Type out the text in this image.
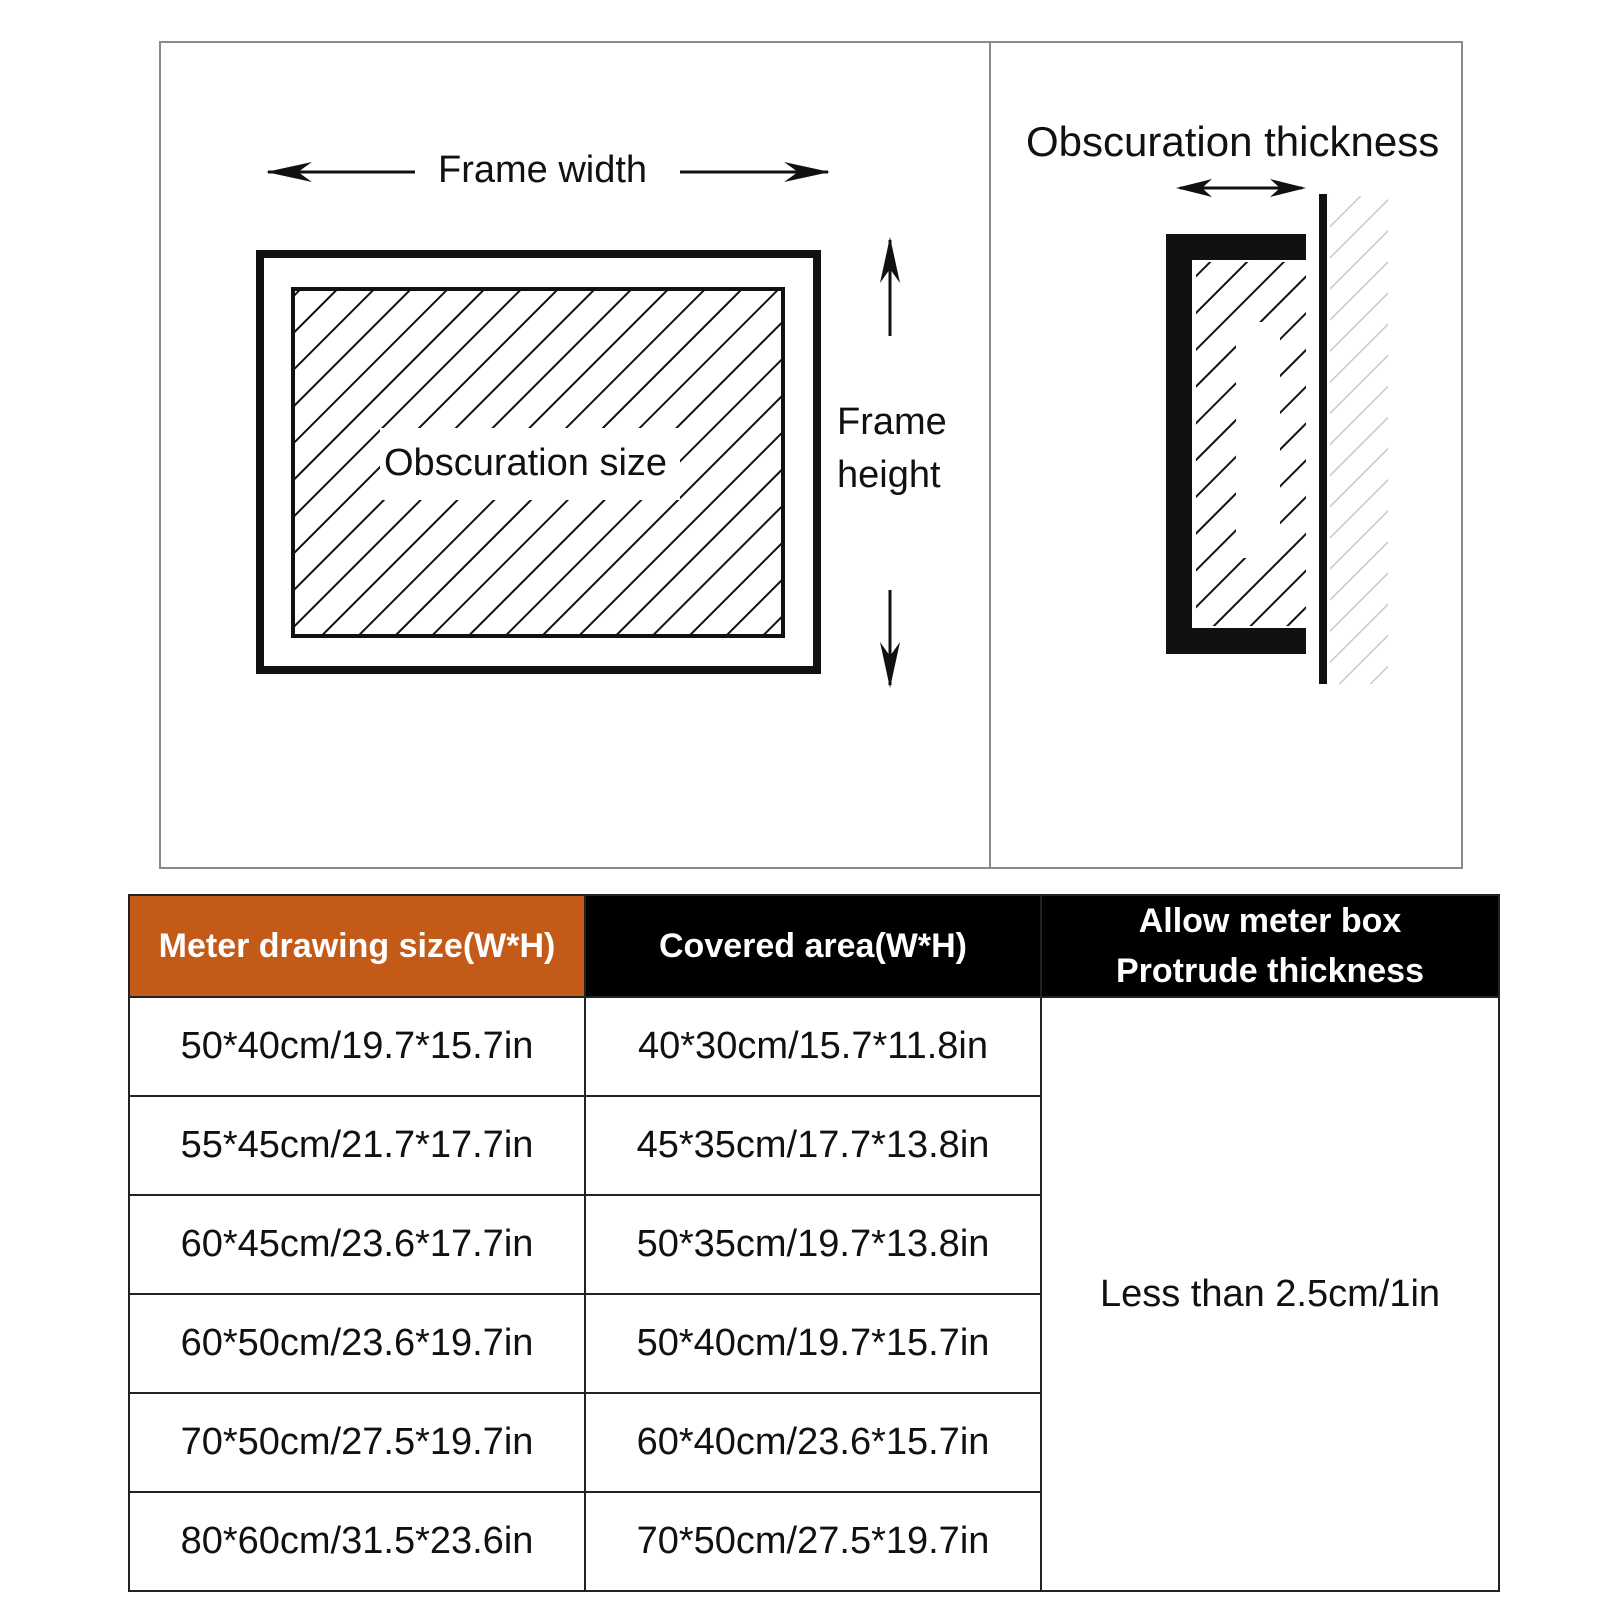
Frame width
Obscuration size
Frame
height
Obscuration thickness
Meter drawing size(W*H)	Covered area(W*H)	Allow meter box
Protrude thickness

50*40cm/19.7*15.7in	40*30cm/15.7*11.8in	Less than 2.5cm/1in
55*45cm/21.7*17.7in	45*35cm/17.7*13.8in	
60*45cm/23.6*17.7in	50*35cm/19.7*13.8in	
60*50cm/23.6*19.7in	50*40cm/19.7*15.7in	
70*50cm/27.5*19.7in	60*40cm/23.6*15.7in	
80*60cm/31.5*23.6in	70*50cm/27.5*19.7in	
